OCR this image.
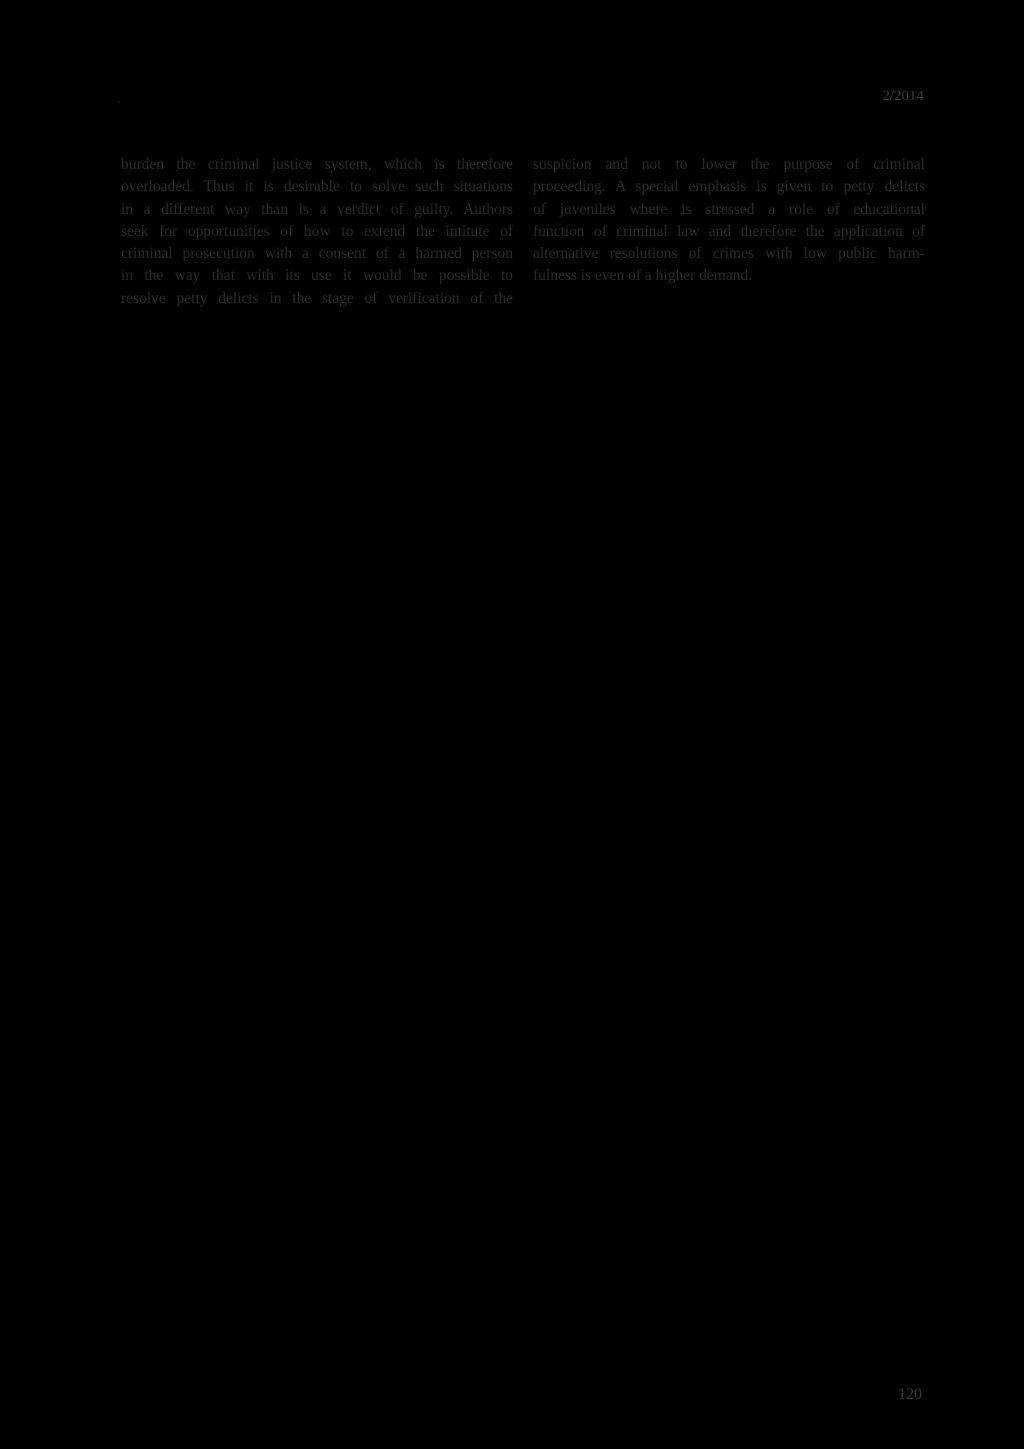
.	2/2014
burden the criminal justice system, which is therefore
overloaded. Thus it is desirable to solve such situations
in a different way than is a verdict of guilty. Authors
seek for opportunities of how to extend the intitute of
criminal prosecution with a consent of a harmed person
in the way that with its use it would be possible to
resolve petty delicts in the stage of verification of the
suspicion and not to lower the purpose of criminal
proceeding. A special emphasis is given to petty delicts
of juveniles where is stressed a role of educational
function of criminal law and therefore the application of
alternative resolutions of crimes with low public harm-
fulness is even of a higher demand.
120
